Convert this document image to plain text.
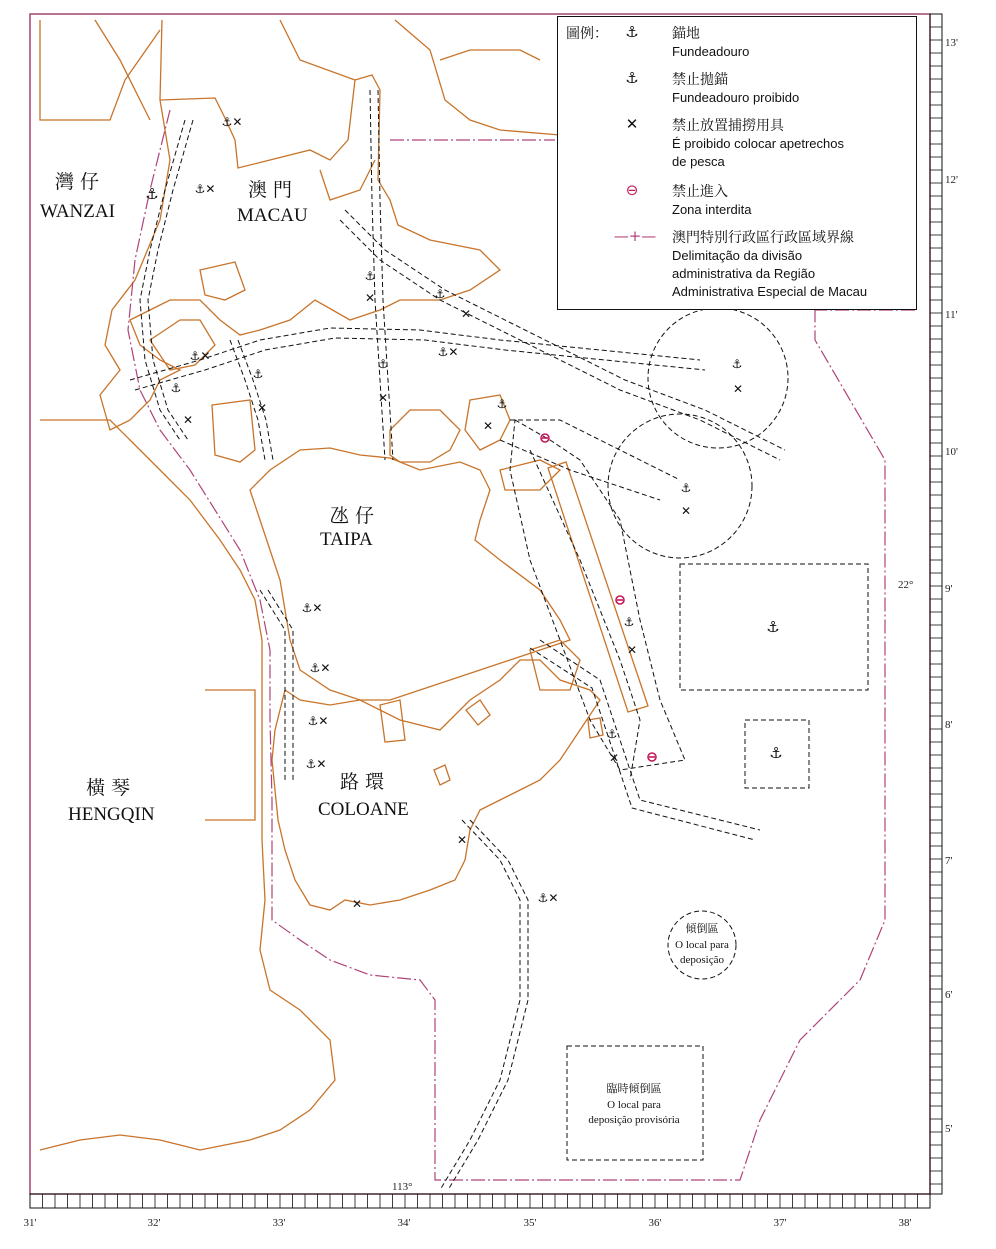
⚓
⚓
⚓
⚓✕
⚓✕
⚓
✕	⚓
✕
⚓✕
⚓
✕
⚓
✕
⚓
✕
⚓✕
⚓
✕
⚓
✕
⚓
✕
⚓✕
⚓✕
⚓✕
⚓✕
⚓
✕
⚓
✕
✕
⚓✕
✕
灣仔
WANZAI
澳門
MACAU
氹仔
TAIPA
路環
COLOANE
橫琴
HENGQIN
傾倒區
O local para
deposição
臨時傾倒區
O local para
deposição provisória
113°
22°
31'	32'	33'	34'	35'	36'	37'	38'
13'
12'
11'
10'
9'
8'
7'
6'
5'
圖例：	⚓	錨地
Fundeadouro
⚓	禁止拋錨
Fundeadouro proibido
✕	禁止放置捕撈用具
É proibido colocar apetrechos
de pesca
⊖	禁止進入
Zona interdita
—+— 澳門特別行政區行政區域界線
Delimitação da divisão
administrativa da Região
Administrativa Especial de Macau
